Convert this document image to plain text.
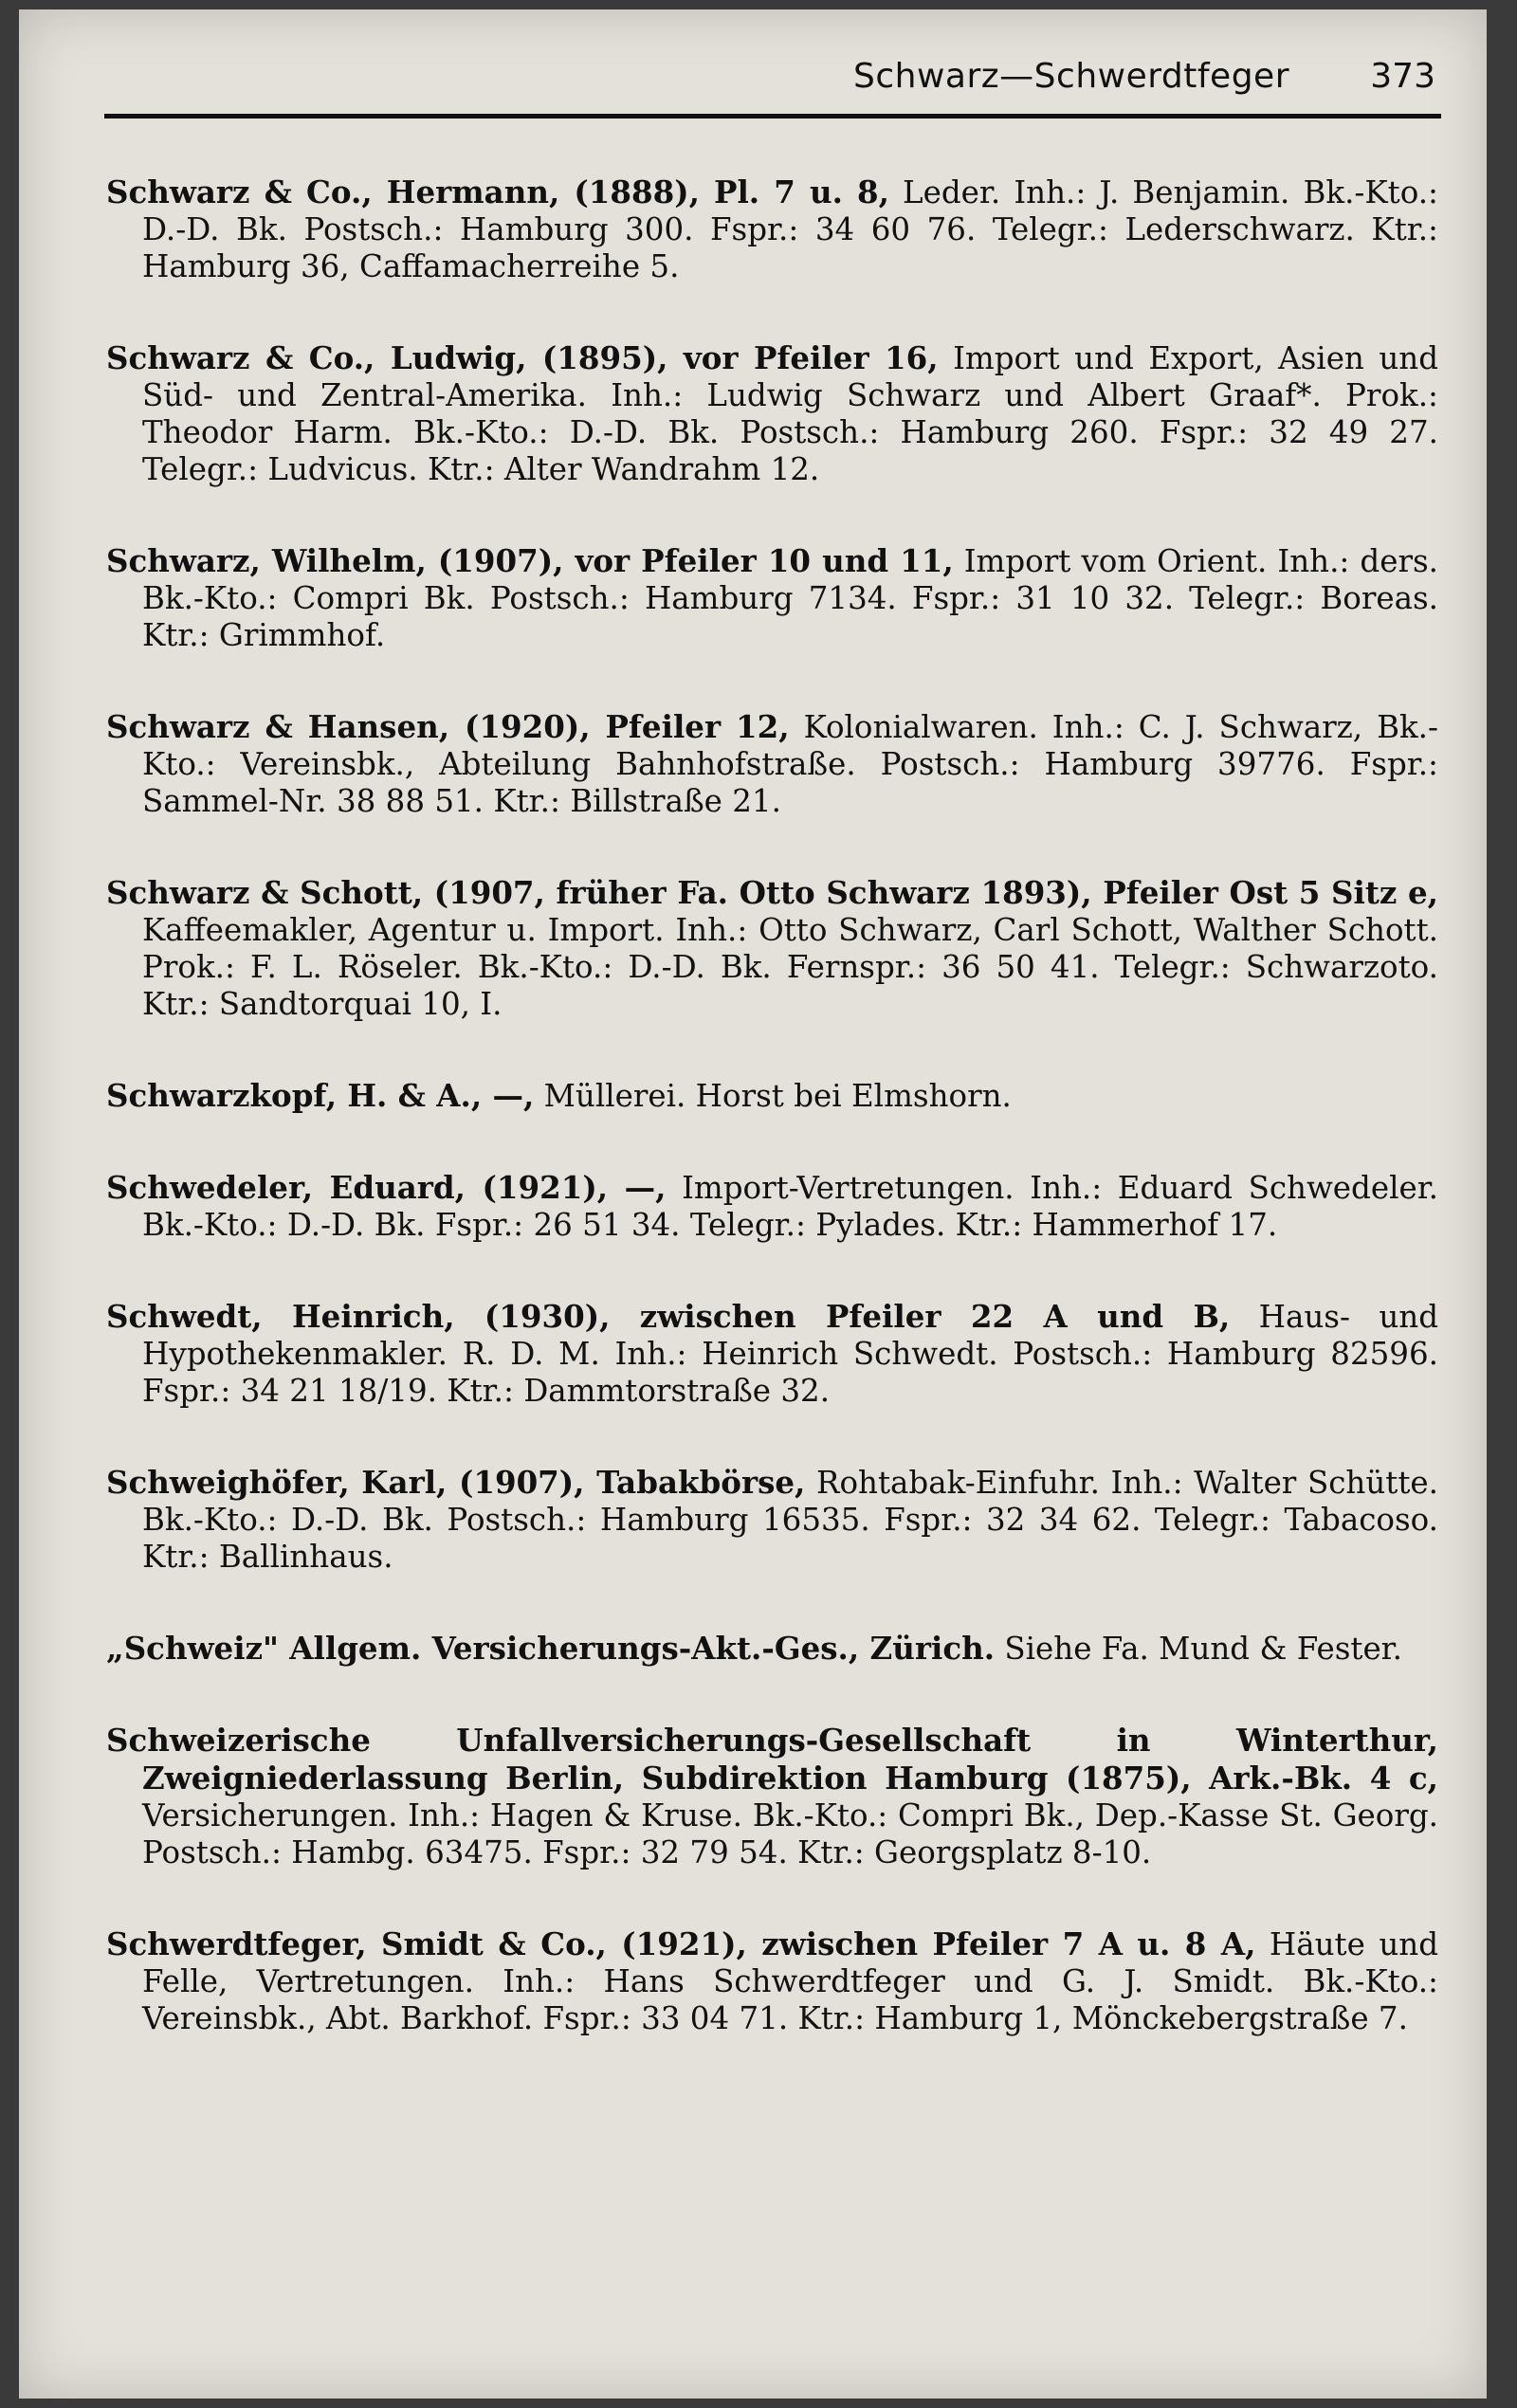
Schwarz—Schwerdtfeger 373

Schwarz & Co., Hermann, (1888), Pl. 7 u. 8, Leder. Inh.: J. Benjamin. Bk.-Kto.: D.-D. Bk. Postsch.: Hamburg 300. Fspr.: 34 60 76. Telegr.: Lederschwarz. Ktr.: Hamburg 36, Caffamacherreihe 5.

Schwarz & Co., Ludwig, (1895), vor Pfeiler 16, Import und Export, Asien und Süd- und Zentral-Amerika. Inh.: Ludwig Schwarz und Albert Graaf*. Prok.: Theodor Harm. Bk.-Kto.: D.-D. Bk. Postsch.: Hamburg 260. Fspr.: 32 49 27. Telegr.: Ludvicus. Ktr.: Alter Wandrahm 12.

Schwarz, Wilhelm, (1907), vor Pfeiler 10 und 11, Import vom Orient. Inh.: ders. Bk.-Kto.: Compri Bk. Postsch.: Hamburg 7134. Fspr.: 31 10 32. Telegr.: Boreas. Ktr.: Grimmhof.

Schwarz & Hansen, (1920), Pfeiler 12, Kolonialwaren. Inh.: C. J. Schwarz, Bk.-Kto.: Vereinsbk., Abteilung Bahnhofstraße. Postsch.: Hamburg 39776. Fspr.: Sammel-Nr. 38 88 51. Ktr.: Billstraße 21.

Schwarz & Schott, (1907, früher Fa. Otto Schwarz 1893), Pfeiler Ost 5 Sitz e, Kaffeemakler, Agentur u. Import. Inh.: Otto Schwarz, Carl Schott, Walther Schott. Prok.: F. L. Röseler. Bk.-Kto.: D.-D. Bk. Fernspr.: 36 50 41. Telegr.: Schwarzoto. Ktr.: Sandtorquai 10, I.

Schwarzkopf, H. & A., —, Müllerei. Horst bei Elmshorn.

Schwedeler, Eduard, (1921), —, Import-Vertretungen. Inh.: Eduard Schwedeler. Bk.-Kto.: D.-D. Bk. Fspr.: 26 51 34. Telegr.: Pylades. Ktr.: Hammerhof 17.

Schwedt, Heinrich, (1930), zwischen Pfeiler 22 A und B, Haus- und Hypothekenmakler. R. D. M. Inh.: Heinrich Schwedt. Postsch.: Hamburg 82596. Fspr.: 34 21 18/19. Ktr.: Dammtorstraße 32.

Schweighöfer, Karl, (1907), Tabakbörse, Rohtabak-Einfuhr. Inh.: Walter Schütte. Bk.-Kto.: D.-D. Bk. Postsch.: Hamburg 16535. Fspr.: 32 34 62. Telegr.: Tabacoso. Ktr.: Ballinhaus.

„Schweiz" Allgem. Versicherungs-Akt.-Ges., Zürich. Siehe Fa. Mund & Fester.

Schweizerische Unfallversicherungs-Gesellschaft in Winterthur, Zweigniederlassung Berlin, Subdirektion Hamburg (1875), Ark.-Bk. 4 c, Versicherungen. Inh.: Hagen & Kruse. Bk.-Kto.: Compri Bk., Dep.-Kasse St. Georg. Postsch.: Hambg. 63475. Fspr.: 32 79 54. Ktr.: Georgsplatz 8-10.

Schwerdtfeger, Smidt & Co., (1921), zwischen Pfeiler 7 A u. 8 A, Häute und Felle, Vertretungen. Inh.: Hans Schwerdtfeger und G. J. Smidt. Bk.-Kto.: Vereinsbk., Abt. Barkhof. Fspr.: 33 04 71. Ktr.: Hamburg 1, Mönckebergstraße 7.
